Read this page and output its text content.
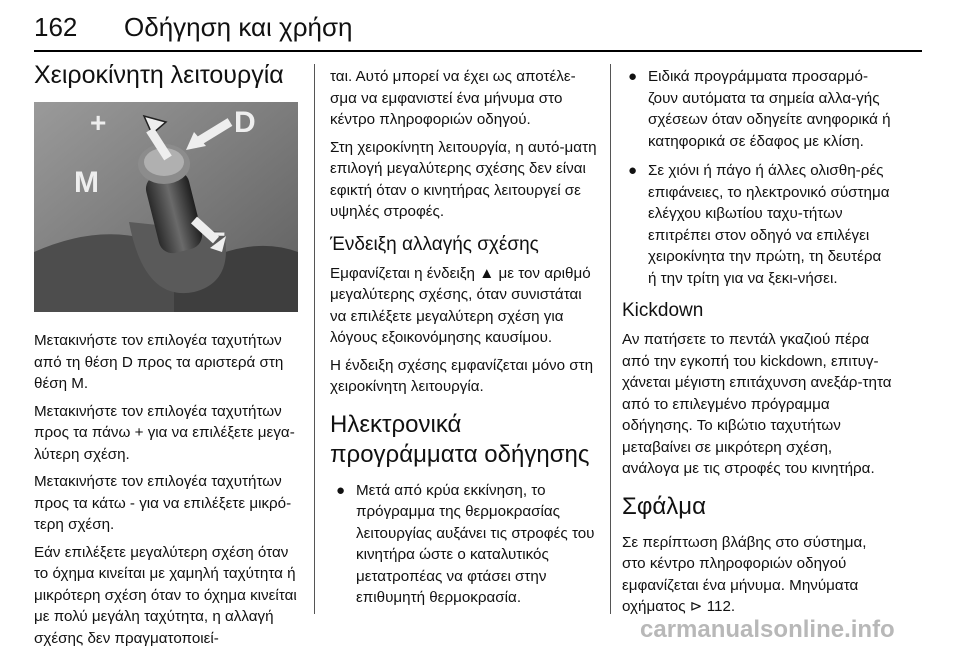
162 Οδήγηση και χρήση
Χειροκίνητη λειτουργία
+	D
M
−

Μετακινήστε τον επιλογέα ταχυτήτων από τη θέση D προς τα αριστερά στη θέση M.

Μετακινήστε τον επιλογέα ταχυτήτων προς τα πάνω + για να επιλέξετε μεγα-λύτερη σχέση.

Μετακινήστε τον επιλογέα ταχυτήτων προς τα κάτω - για να επιλέξετε μικρό-τερη σχέση.

Εάν επιλέξετε μεγαλύτερη σχέση όταν το όχημα κινείται με χαμηλή ταχύτητα ή μικρότερη σχέση όταν το όχημα κινείται με πολύ μεγάλη ταχύτητα, η αλλαγή σχέσης δεν πραγματοποιεί-

ται. Αυτό μπορεί να έχει ως αποτέλε-σμα να εμφανιστεί ένα μήνυμα στο κέντρο πληροφοριών οδηγού.

Στη χειροκίνητη λειτουργία, η αυτό-ματη επιλογή μεγαλύτερης σχέσης δεν είναι εφικτή όταν ο κινητήρας λειτουργεί σε υψηλές στροφές.

Ένδειξη αλλαγής σχέσης

Εμφανίζεται η ένδειξη ▲ με τον αριθμό μεγαλύτερης σχέσης, όταν συνιστάται να επιλέξετε μεγαλύτερη σχέση για λόγους εξοικονόμησης καυσίμου.

Η ένδειξη σχέσης εμφανίζεται μόνο στη χειροκίνητη λειτουργία.

Ηλεκτρονικά προγράμματα οδήγησης
● Μετά από κρύα εκκίνηση, το πρόγραμμα της θερμοκρασίας λειτουργίας αυξάνει τις στροφές του κινητήρα ώστε ο καταλυτικός μετατροπέας να φτάσει στην επιθυμητή θερμοκρασία.
● Ειδικά προγράμματα προσαρμό-ζουν αυτόματα τα σημεία αλλα-γής σχέσεων όταν οδηγείτε ανηφορικά ή κατηφορικά σε έδαφος με κλίση.
● Σε χιόνι ή πάγο ή άλλες ολισθη-ρές επιφάνειες, το ηλεκτρονικό σύστημα ελέγχου κιβωτίου ταχυ-τήτων επιτρέπει στον οδηγό να επιλέγει χειροκίνητα την πρώτη, τη δευτέρα ή την τρίτη για να ξεκι-νήσει.
Kickdown

Αν πατήσετε το πεντάλ γκαζιού πέρα από την εγκοπή του kickdown, επιτυγ-χάνεται μέγιστη επιτάχυνση ανεξάρ-τητα από το επιλεγμένο πρόγραμμα οδήγησης. Το κιβώτιο ταχυτήτων μεταβαίνει σε μικρότερη σχέση, ανάλογα με τις στροφές του κινητήρα.

Σφάλμα

Σε περίπτωση βλάβης στο σύστημα, στο κέντρο πληροφοριών οδηγού εμφανίζεται ένα μήνυμα. Μηνύματα οχήματος ⊳ 112.

carmanualsonline.info
